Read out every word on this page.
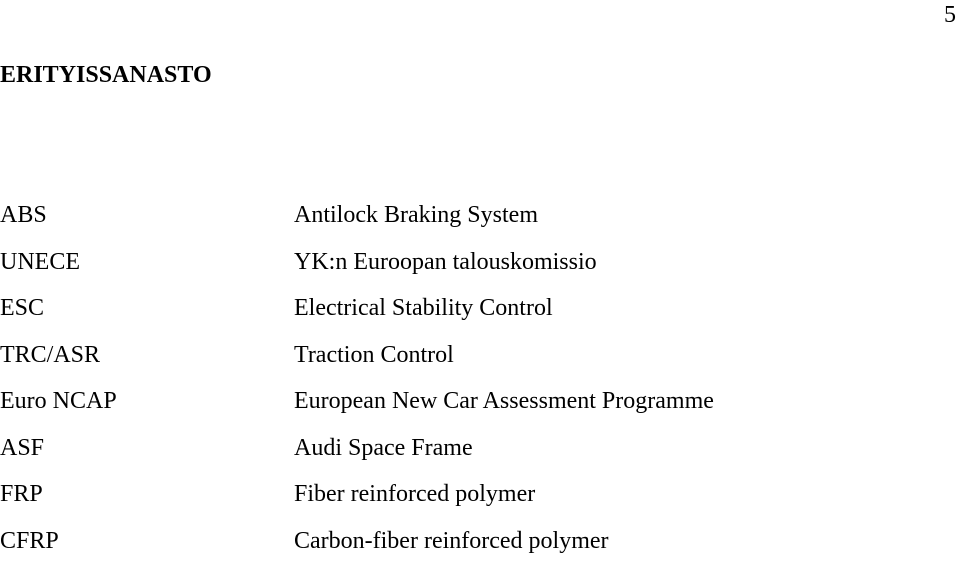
5
ERITYISSANASTO
ABS	Antilock Braking System
UNECE	YK:n Euroopan talouskomissio
ESC	Electrical Stability Control
TRC/ASR	Traction Control
Euro NCAP	European New Car Assessment Programme
ASF	Audi Space Frame
FRP	Fiber reinforced polymer
CFRP	Carbon-fiber reinforced polymer
